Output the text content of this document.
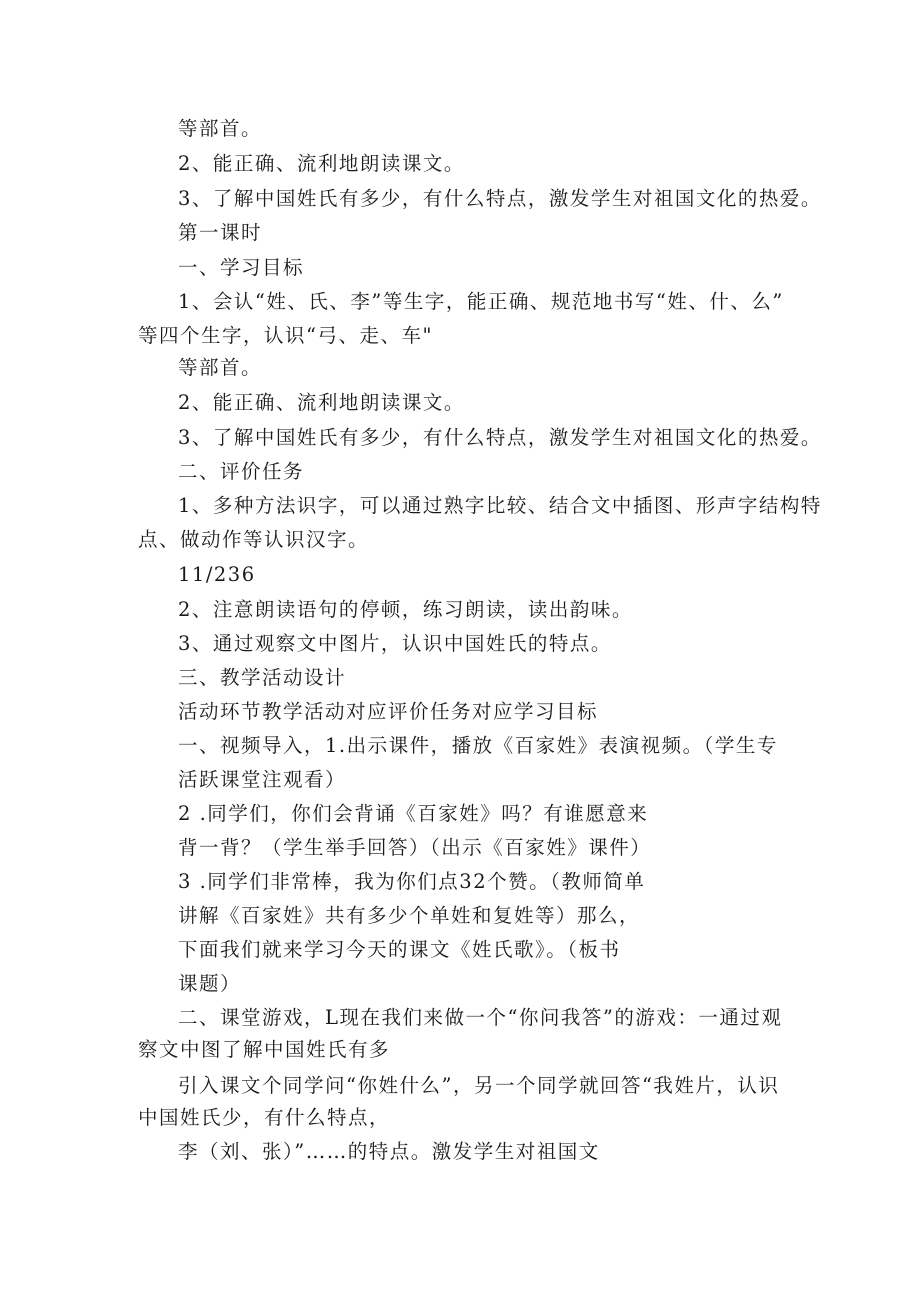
等部首。
2、能正确、流利地朗读课文。
3、了解中国姓氏有多少，有什么特点，激发学生对祖国文化的热爱。
第一课时
一、学习目标
1、会认“姓、氏、李”等生字，能正确、规范地书写“姓、什、么”
等四个生字，认识“弓、走、车"
等部首。
2、能正确、流利地朗读课文。
3、了解中国姓氏有多少，有什么特点，激发学生对祖国文化的热爱。
二、评价任务
1、多种方法识字，可以通过熟字比较、结合文中插图、形声字结构特
点、做动作等认识汉字。
11/236
2、注意朗读语句的停顿，练习朗读，读出韵味。
3、通过观察文中图片，认识中国姓氏的特点。
三、教学活动设计
活动环节教学活动对应评价任务对应学习目标
一、视频导入，1.出示课件，播放《百家姓》表演视频。（学生专
活跃课堂注观看）
2 .同学们，你们会背诵《百家姓》吗？有谁愿意来
背一背？（学生举手回答）（出示《百家姓》课件）
3 .同学们非常棒，我为你们点32个赞。（教师简单
讲解《百家姓》共有多少个单姓和复姓等）那么，
下面我们就来学习今天的课文《姓氏歌》。（板书
课题）
二、课堂游戏，L现在我们来做一个“你问我答”的游戏：一通过观
察文中图了解中国姓氏有多
引入课文个同学问“你姓什么”，另一个同学就回答“我姓片，认识
中国姓氏少，有什么特点，
李（刘、张）”……的特点。激发学生对祖国文
